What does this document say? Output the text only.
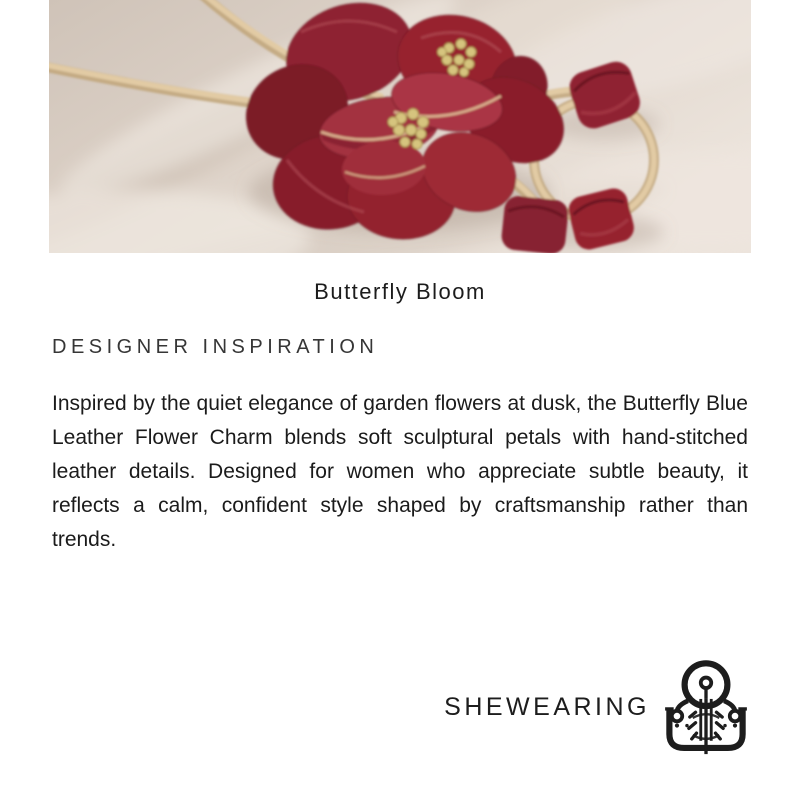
Butterfly Bloom
DESIGNER INSPIRATION

Inspired by the quiet elegance of garden flowers at dusk, the Butterfly Blue Leather Flower Charm blends soft sculptural petals with hand-stitched leather details. Designed for women who appreciate subtle beauty, it reflects a calm, confident style shaped by craftsmanship rather than trends.

SHEWEARING
